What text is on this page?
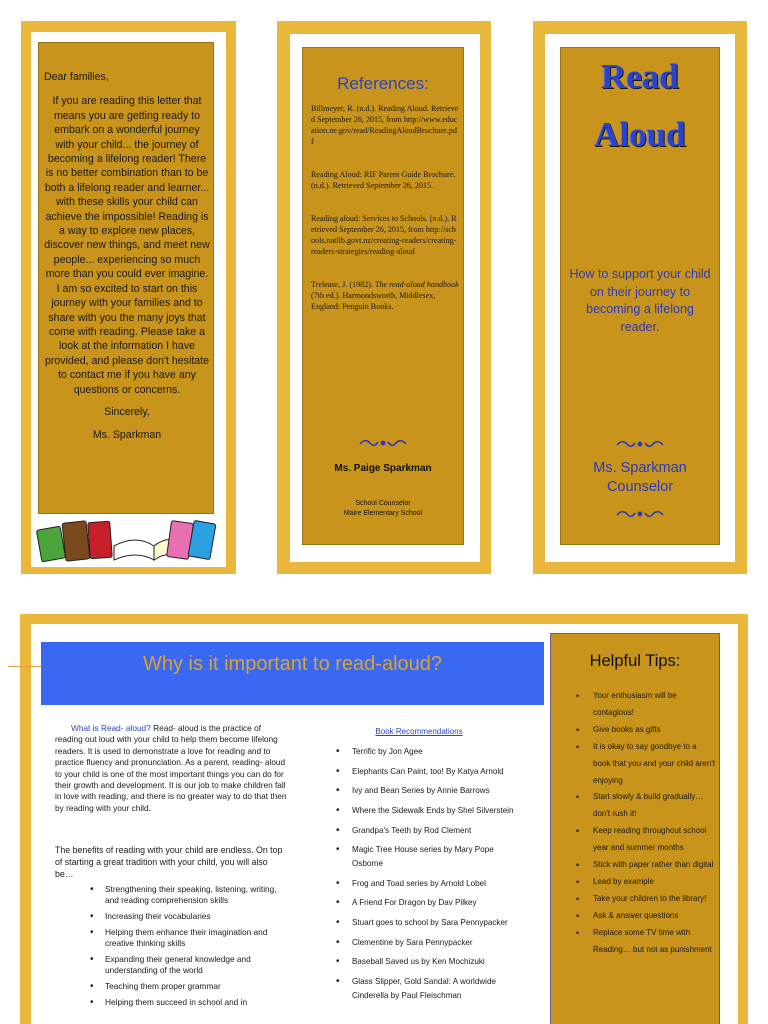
Dear families,
If you are reading this letter that means you are getting ready to embark on a wonderful journey with your child... the journey of becoming a lifelong reader! There is no better combination than to be both a lifelong reader and learner... with these skills your child can achieve the impossible! Reading is a way to explore new places, discover new things, and meet new people... experiencing so much more than you could ever imagine. I am so excited to start on this journey with your families and to share with you the many joys that come with reading. Please take a look at the information I have provided, and please don't hesitate to contact me if you have any questions or concerns.
Sincerely,
Ms. Sparkman
References:

Billmeyer, R. (n.d.). Reading Aloud. Retrieved September 26, 2015, from http://www.education.ne.gov/read/ReadingAloudBrochure.pdf

Reading Aloud: RIF Parent Guide Brochure. (n.d.). Retrieved September 26, 2015.

Reading aloud: Services to Schools. (n.d.). Retrieved September 26, 2015, from http://schools.natlib.govt.nz/creating-readers/creating-readers-strategies/reading-aloud

Trelease, J. (1982). The read-aloud handbook (7th ed.). Harmondsworth, Middlesex, England: Penguin Books.

Ms. Paige Sparkman
School Counselor
Maire Elementary School
Read
Aloud
How to support your child on their journey to becoming a lifelong reader.
Ms. Sparkman
Counselor
Why is it important to read-aloud?
What is Read- aloud? Read- aloud is the practice of reading out loud with your child to help them become lifelong readers. It is used to demonstrate a love for reading and to practice fluency and pronunciation. As a parent, reading- aloud to your child is one of the most important things you can do for their growth and development. It is our job to make children fall in love with reading, and there is no greater way to do that then by reading with your child.
The benefits of reading with your child are endless. On top of starting a great tradition with your child, you will also be…
• Strengthening their speaking, listening, writing, and reading comprehension skills
• Increasing their vocabularies
• Helping them enhance their imagination and creative thinking skills
• Expanding their general knowledge and understanding of the world
• Teaching them proper grammar
• Helping them succeed in school and in
Book Recommendations
• Terrific by Jon Agee
• Elephants Can Paint, too! By Katya Arnold
• Ivy and Bean Series by Annie Barrows
• Where the Sidewalk Ends by Shel Silverstein
• Grandpa's Teeth by Rod Clement
• Magic Tree House series by Mary Pope Osborne
• Frog and Toad series by Arnold Lobel
• A Friend For Dragon by Dav Pilkey
• Stuart goes to school by Sara Pennypacker
• Clementine by Sara Pennypacker
• Baseball Saved us by Ken Mochizuki
• Glass Slipper, Gold Sandal: A worldwide Cinderella by Paul Fleischman
Helpful Tips:
• Your enthusiasm will be contagious!
• Give books as gifts
• It is okay to say goodbye to a book that you and your child aren't enjoying
• Start slowly & build gradually…don't rush it!
• Keep reading throughout school year and summer months
• Stick with paper rather than digital
• Lead by example
• Take your children to the library!
• Ask & answer questions
• Replace some TV time with Reading… but not as punishment
